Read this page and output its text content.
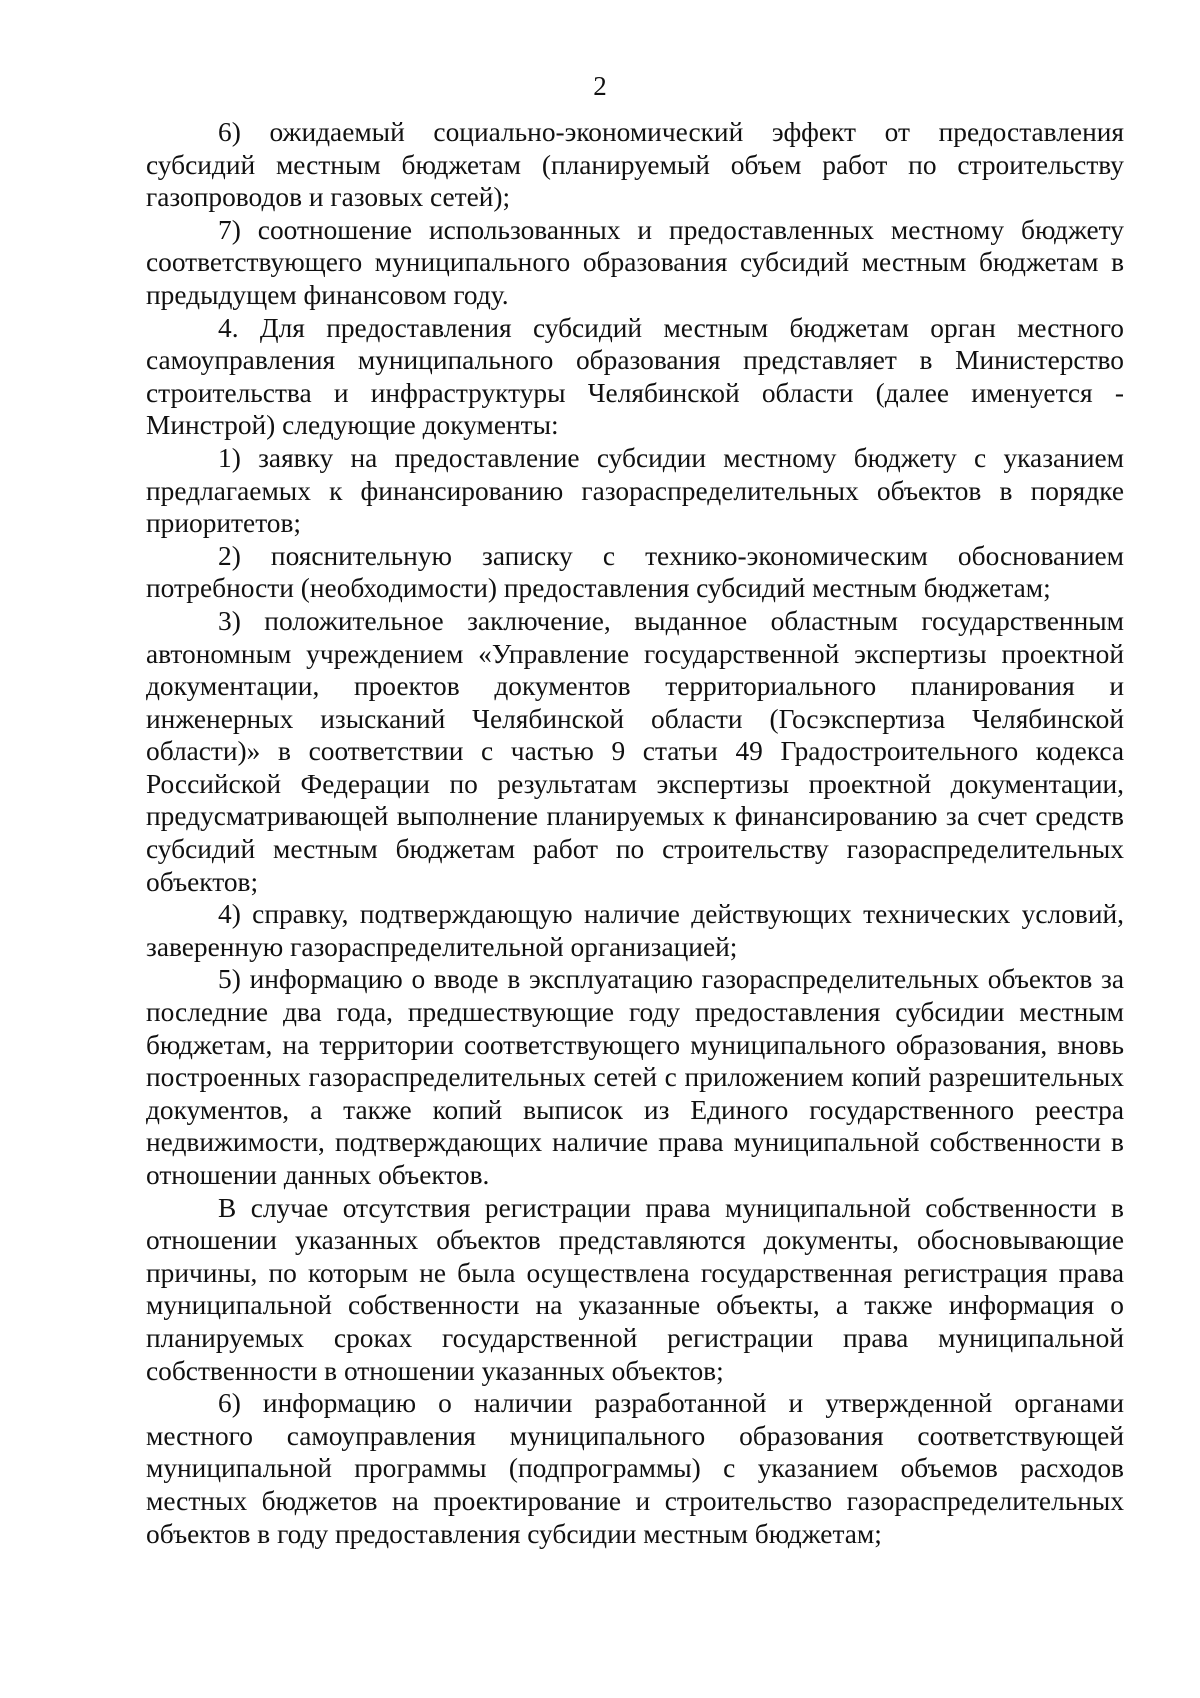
2

6) ожидаемый социально-экономический эффект от предоставления субсидий местным бюджетам (планируемый объем работ по строительству газопроводов и газовых сетей);

7) соотношение использованных и предоставленных местному бюджету соответствующего муниципального образования субсидий местным бюджетам в предыдущем финансовом году.

4. Для предоставления субсидий местным бюджетам орган местного самоуправления муниципального образования представляет в Министерство строительства и инфраструктуры Челябинской области (далее именуется - Минстрой) следующие документы:

1) заявку на предоставление субсидии местному бюджету с указанием предлагаемых к финансированию газораспределительных объектов в порядке приоритетов;

2) пояснительную записку с технико-экономическим обоснованием потребности (необходимости) предоставления субсидий местным бюджетам;

3) положительное заключение, выданное областным государственным автономным учреждением «Управление государственной экспертизы проектной документации, проектов документов территориального планирования и инженерных изысканий Челябинской области (Госэкспертиза Челябинской области)» в соответствии с частью 9 статьи 49 Градостроительного кодекса Российской Федерации по результатам экспертизы проектной документации, предусматривающей выполнение планируемых к финансированию за счет средств субсидий местным бюджетам работ по строительству газораспределительных объектов;

4) справку, подтверждающую наличие действующих технических условий, заверенную газораспределительной организацией;

5) информацию о вводе в эксплуатацию газораспределительных объектов за последние два года, предшествующие году предоставления субсидии местным бюджетам, на территории соответствующего муниципального образования, вновь построенных газораспределительных сетей с приложением копий разрешительных документов, а также копий выписок из Единого государственного реестра недвижимости, подтверждающих наличие права муниципальной собственности в отношении данных объектов.

В случае отсутствия регистрации права муниципальной собственности в отношении указанных объектов представляются документы, обосновывающие причины, по которым не была осуществлена государственная регистрация права муниципальной собственности на указанные объекты, а также информация о планируемых сроках государственной регистрации права муниципальной собственности в отношении указанных объектов;

6) информацию о наличии разработанной и утвержденной органами местного самоуправления муниципального образования соответствующей муниципальной программы (подпрограммы) с указанием объемов расходов местных бюджетов на проектирование и строительство газораспределительных объектов в году предоставления субсидии местным бюджетам;
